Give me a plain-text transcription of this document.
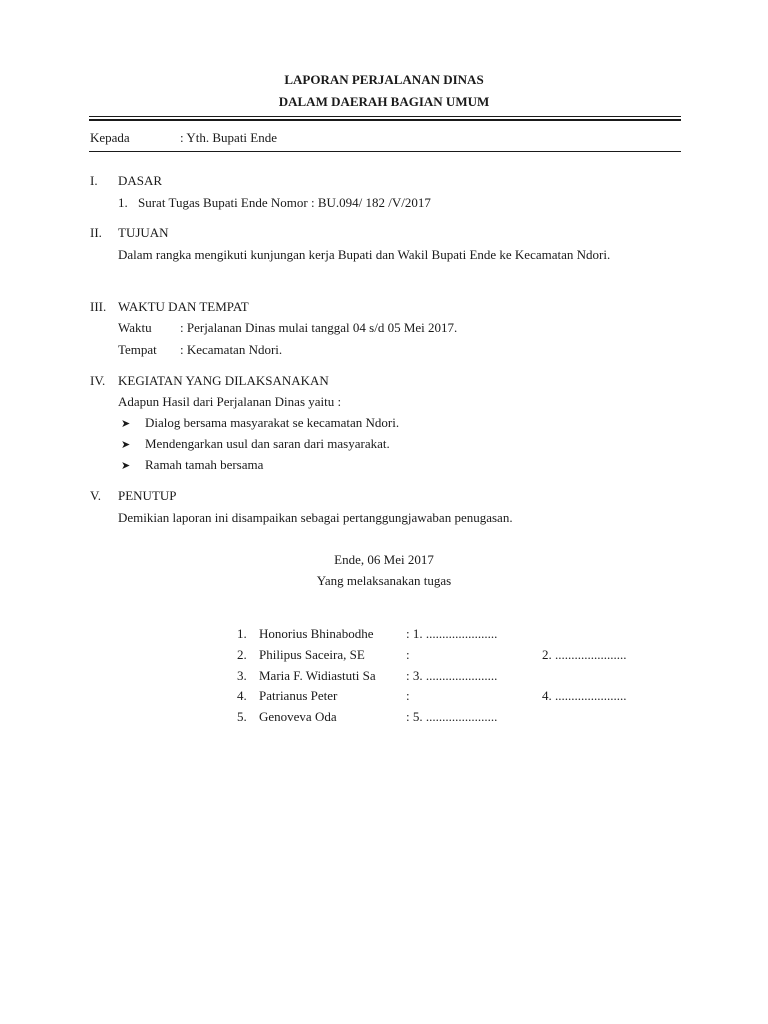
LAPORAN PERJALANAN DINAS
DALAM DAERAH BAGIAN UMUM
Kepada	: Yth. Bupati Ende
I. DASAR
1. Surat Tugas Bupati Ende Nomor : BU.094/ 182 /V/2017
II. TUJUAN
Dalam rangka mengikuti kunjungan kerja Bupati dan Wakil Bupati Ende ke Kecamatan Ndori.
III. WAKTU DAN TEMPAT
Waktu : Perjalanan Dinas mulai tanggal 04 s/d 05 Mei 2017.
Tempat : Kecamatan Ndori.
IV. KEGIATAN YANG DILAKSANAKAN
Adapun Hasil dari Perjalanan Dinas yaitu :
➤ Dialog bersama masyarakat se kecamatan Ndori.
➤ Mendengarkan usul dan saran dari masyarakat.
➤ Ramah tamah bersama
V. PENUTUP
Demikian laporan ini disampaikan sebagai pertanggungjawaban penugasan.
Ende, 06 Mei 2017
Yang melaksanakan tugas
1. Honorius Bhinabodhe	: 1. ......................
2. Philipus Saceira, SE	:	2. ......................
3. Maria F. Widiastuti Sa : 3. ......................
4. Patrianus Peter	:	4. ......................
5. Genoveva Oda	: 5. ......................
